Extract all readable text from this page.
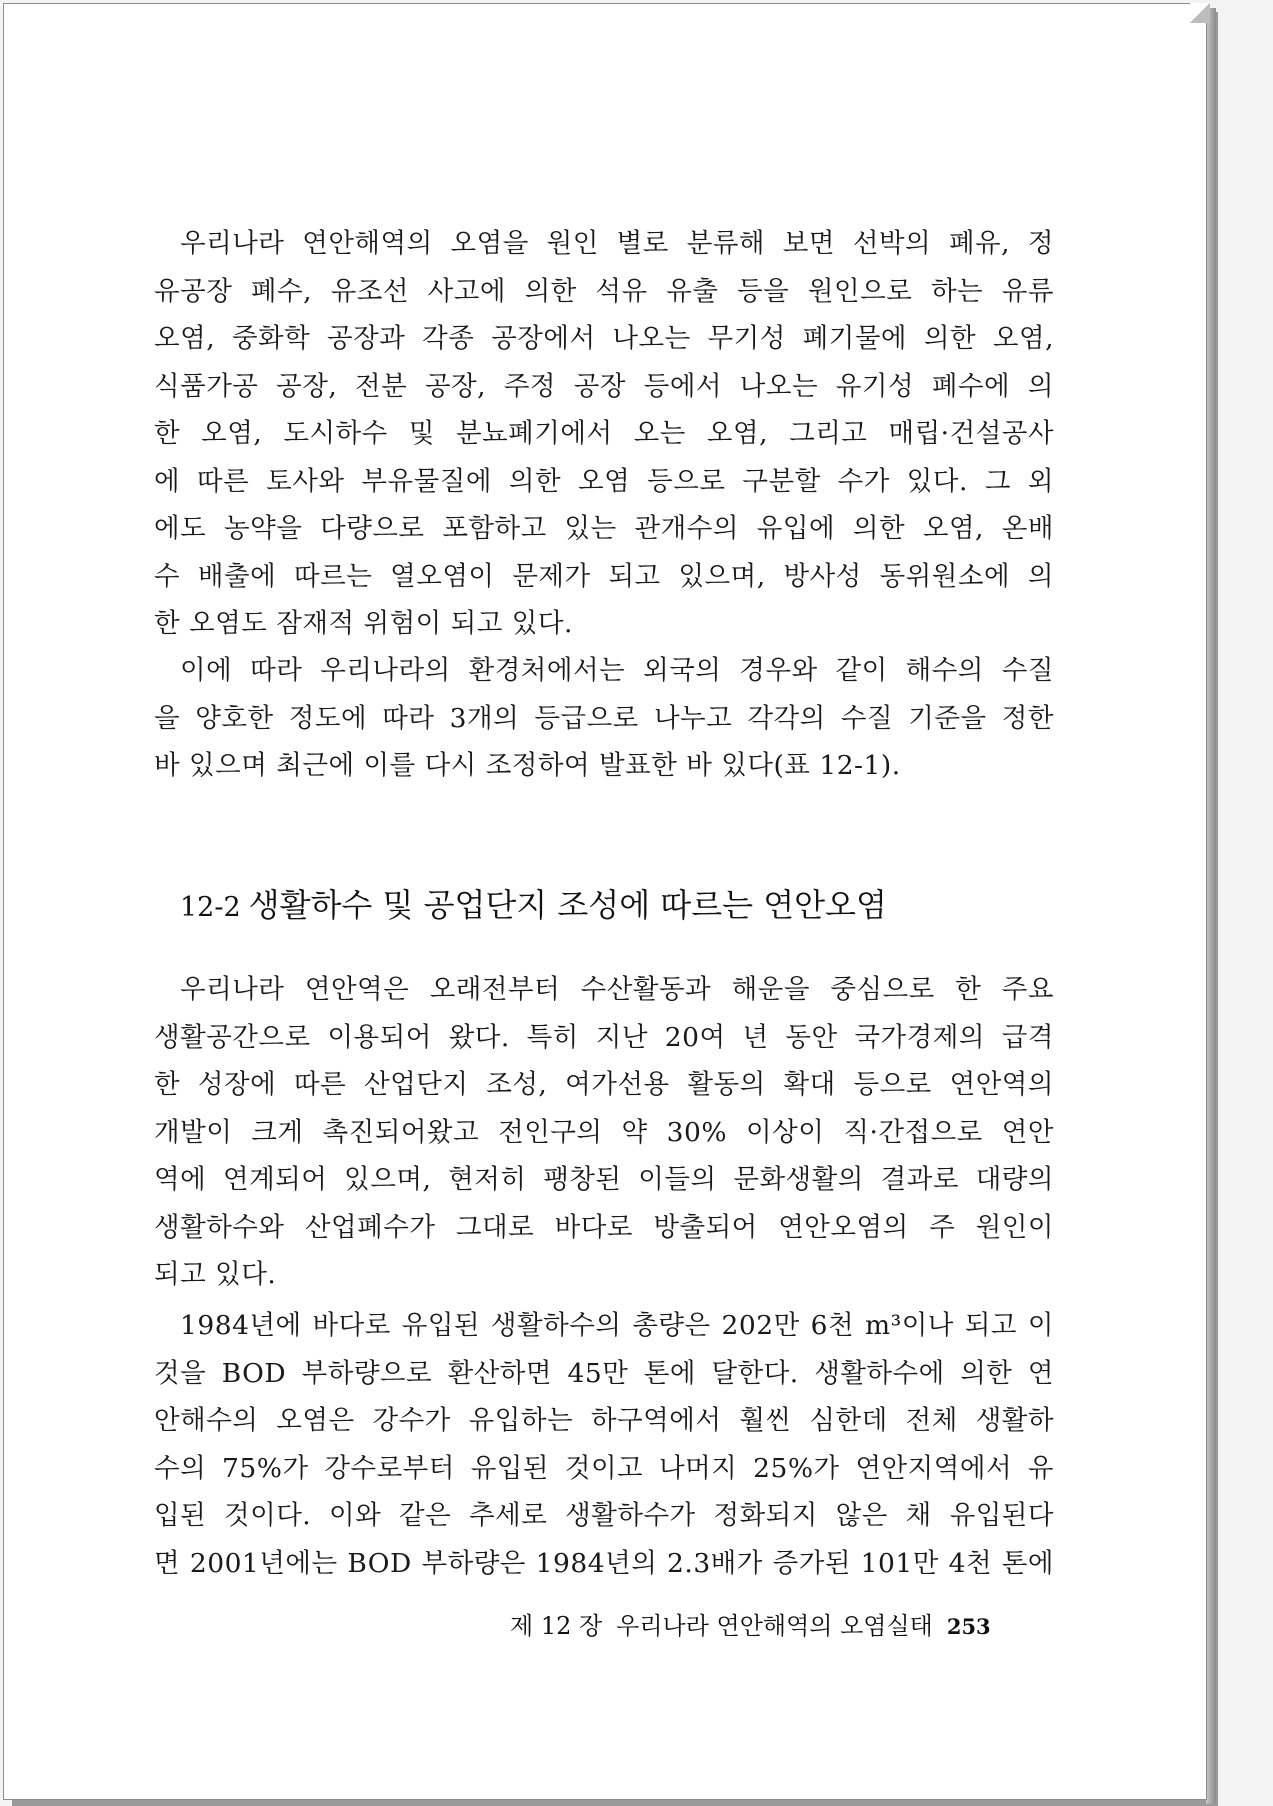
우리나라 연안해역의 오염을 원인 별로 분류해 보면 선박의 폐유, 정
유공장 폐수, 유조선 사고에 의한 석유 유출 등을 원인으로 하는 유류
오염, 중화학 공장과 각종 공장에서 나오는 무기성 폐기물에 의한 오염,
식품가공 공장, 전분 공장, 주정 공장 등에서 나오는 유기성 폐수에 의
한 오염, 도시하수 및 분뇨폐기에서 오는 오염, 그리고 매립·건설공사
에 따른 토사와 부유물질에 의한 오염 등으로 구분할 수가 있다. 그 외
에도 농약을 다량으로 포함하고 있는 관개수의 유입에 의한 오염, 온배
수 배출에 따르는 열오염이 문제가 되고 있으며, 방사성 동위원소에 의
한 오염도 잠재적 위험이 되고 있다.
이에 따라 우리나라의 환경처에서는 외국의 경우와 같이 해수의 수질
을 양호한 정도에 따라 3개의 등급으로 나누고 각각의 수질 기준을 정한
바 있으며 최근에 이를 다시 조정하여 발표한 바 있다(표 12-1).
12-2 생활하수 및 공업단지 조성에 따르는 연안오염
우리나라 연안역은 오래전부터 수산활동과 해운을 중심으로 한 주요
생활공간으로 이용되어 왔다. 특히 지난 20여 년 동안 국가경제의 급격
한 성장에 따른 산업단지 조성, 여가선용 활동의 확대 등으로 연안역의
개발이 크게 촉진되어왔고 전인구의 약 30% 이상이 직·간접으로 연안
역에 연계되어 있으며, 현저히 팽창된 이들의 문화생활의 결과로 대량의
생활하수와 산업폐수가 그대로 바다로 방출되어 연안오염의 주 원인이
되고 있다.
1984년에 바다로 유입된 생활하수의 총량은 202만 6천 m³이나 되고 이
것을 BOD 부하량으로 환산하면 45만 톤에 달한다. 생활하수에 의한 연
안해수의 오염은 강수가 유입하는 하구역에서 훨씬 심한데 전체 생활하
수의 75%가 강수로부터 유입된 것이고 나머지 25%가 연안지역에서 유
입된 것이다. 이와 같은 추세로 생활하수가 정화되지 않은 채 유입된다
면 2001년에는 BOD 부하량은 1984년의 2.3배가 증가된 101만 4천 톤에
제 12 장 우리나라 연안해역의 오염실태 253
